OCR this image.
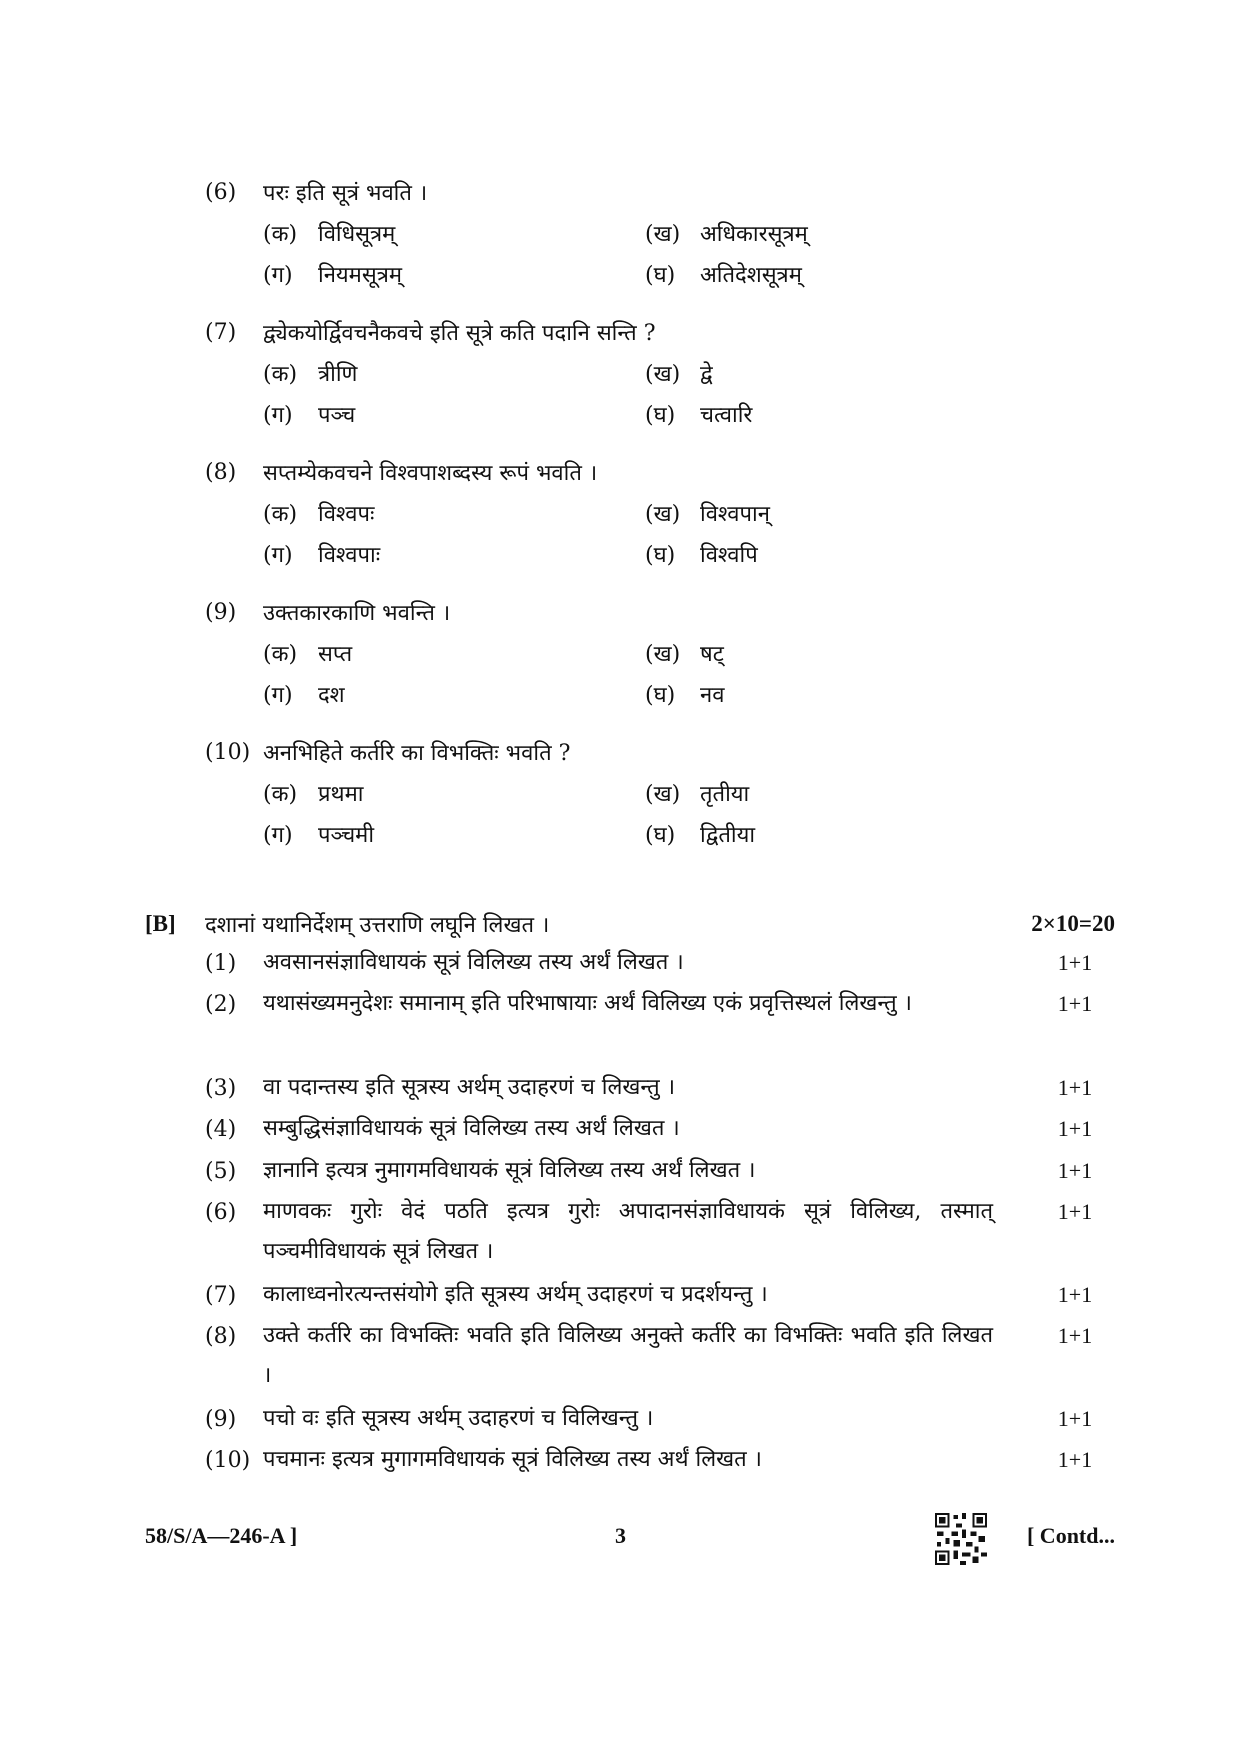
(6)	परः इति सूत्रं भवति ।
(क) विधिसूत्रम्	(ख) अधिकारसूत्रम्
(ग)	नियमसूत्रम्	(घ)	अतिदेशसूत्रम्
(7)	द्व्येकयोर्द्विवचनैकवचे इति सूत्रे कति पदानि सन्ति ?
(क) त्रीणि	(ख) द्वे
(ग)	पञ्च	(घ)	चत्वारि
(8)	सप्तम्येकवचने विश्वपाशब्दस्य रूपं भवति ।
(क) विश्वपः	(ख) विश्वपान्
(ग)	विश्वपाः	(घ)	विश्वपि
(9)	उक्तकारकाणि भवन्ति ।
(क) सप्त	(ख) षट्
(ग)	दश	(घ)	नव
(10) अनभिहिते कर्तरि का विभक्तिः भवति ?
(क) प्रथमा	(ख) तृतीया
(ग)	पञ्चमी	(घ)	द्वितीया
[B]	दशानां यथानिर्देशम् उत्तराणि लघूनि लिखत ।	2×10=20
(1) अवसानसंज्ञाविधायकं सूत्रं विलिख्य तस्य अर्थं लिखत ।	1+1
(2) यथासंख्यमनुदेशः समानाम् इति परिभाषायाः अर्थं विलिख्य एकं प्रवृत्तिस्थलं लिखन्तु ।	1+1
(3) वा पदान्तस्य इति सूत्रस्य अर्थम् उदाहरणं च लिखन्तु ।	1+1
(4) सम्बुद्धिसंज्ञाविधायकं सूत्रं विलिख्य तस्य अर्थं लिखत ।	1+1
(5) ज्ञानानि इत्यत्र नुमागमविधायकं सूत्रं विलिख्य तस्य अर्थं लिखत ।	1+1
(6) माणवकः गुरोः वेदं पठति इत्यत्र गुरोः अपादानसंज्ञाविधायकं सूत्रं विलिख्य, तस्मात् पञ्चमीविधायकं सूत्रं लिखत ।
1+1
(7) कालाध्वनोरत्यन्तसंयोगे इति सूत्रस्य अर्थम् उदाहरणं च प्रदर्शयन्तु ।	1+1
(8) उक्ते कर्तरि का विभक्तिः भवति इति विलिख्य अनुक्ते कर्तरि का विभक्तिः भवति इति लिखत ।
1+1
(9) पचो वः इति सूत्रस्य अर्थम् उदाहरणं च विलिखन्तु ।	1+1
(10) पचमानः इत्यत्र मुगागमविधायकं सूत्रं विलिख्य तस्य अर्थं लिखत ।	1+1
58/S/A—246-A ]	3	[ Contd...
